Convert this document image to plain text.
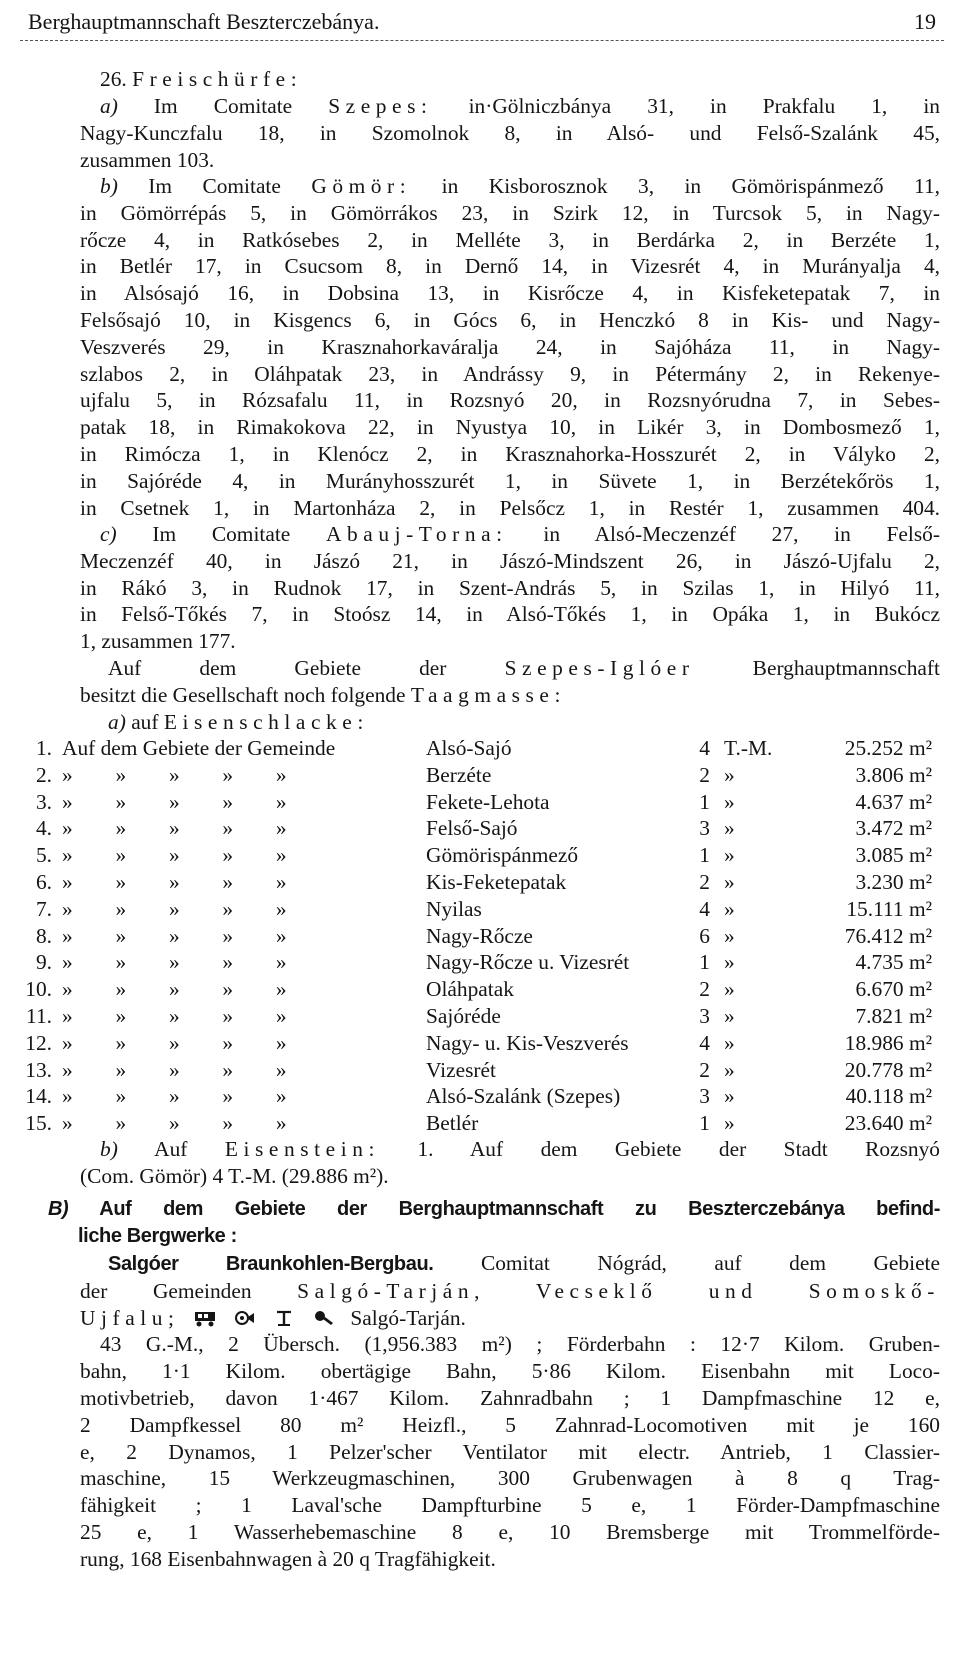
Berghauptmannschaft Beszterczebánya.	19
26. Freischürfe:
a) Im Comitate Szepes: in·Gölniczbánya 31, in Prakfalu 1, in
Nagy-Kunczfalu 18, in Szomolnok 8, in Alsó- und Felső-Szalánk 45,
zusammen 103.
b) Im Comitate Gömör: in Kisborosznok 3, in Gömörispánmező 11,
in Gömörrépás 5, in Gömörrákos 23, in Szirk 12, in Turcsok 5, in Nagy-
rőcze 4, in Ratkósebes 2, in Melléte 3, in Berdárka 2, in Berzéte 1,
in Betlér 17, in Csucsom 8, in Dernő 14, in Vizesrét 4, in Murányalja 4,
in Alsósajó 16, in Dobsina 13, in Kisrőcze 4, in Kisfeketepatak 7, in
Felsősajó 10, in Kisgencs 6, in Gócs 6, in Henczkó 8 in Kis- und Nagy-
Veszverés 29, in Krasznahorkaváralja 24, in Sajóháza 11, in Nagy-
szlabos 2, in Oláhpatak 23, in Andrássy 9, in Pétermány 2, in Rekenye-
ujfalu 5, in Rózsafalu 11, in Rozsnyó 20, in Rozsnyórudna 7, in Sebes-
patak 18, in Rimakokova 22, in Nyustya 10, in Likér 3, in Dombosmező 1,
in Rimócza 1, in Klenócz 2, in Krasznahorka-Hosszurét 2, in Vályko 2,
in Sajóréde 4, in Murányhosszurét 1, in Süvete 1, in Berzétekőrös 1,
in Csetnek 1, in Martonháza 2, in Pelsőcz 1, in Restér 1, zusammen 404.
c) Im Comitate Abauj-Torna: in Alsó-Meczenzéf 27, in Felső-
Meczenzéf 40, in Jászó 21, in Jászó-Mindszent 26, in Jászó-Ujfalu 2,
in Rákó 3, in Rudnok 17, in Szent-András 5, in Szilas 1, in Hilyó 11,
in Felső-Tőkés 7, in Stoósz 14, in Alsó-Tőkés 1, in Opáka 1, in Bukócz
1, zusammen 177.
Auf dem Gebiete der Szepes-Iglóer Berghauptmannschaft
besitzt die Gesellschaft noch folgende Taagmasse:
a) auf Eisenschlacke:
1. Auf dem Gebiete der Gemeinde	Alsó-Sajó	4 T.-M.	25.252 m²
2. »        »        »        »        »	Berzéte	2 »	3.806 m²
3. »        »        »        »        »	Fekete-Lehota	1 »	4.637 m²
4. »        »        »        »        »	Felső-Sajó	3 »	3.472 m²
5. »        »        »        »        »	Gömörispánmező	1 »	3.085 m²
6. »        »        »        »        »	Kis-Feketepatak	2 »	3.230 m²
7. »        »        »        »        »	Nyilas	4 »	15.111 m²
8. »        »        »        »        »	Nagy-Rőcze	6 »	76.412 m²
9. »        »        »        »        »	Nagy-Rőcze u. Vizesrét	1 »	4.735 m²
10. »        »        »        »        »	Oláhpatak	2 »	6.670 m²
11. »        »        »        »        »	Sajóréde	3 »	7.821 m²
12. »        »        »        »        »	Nagy- u. Kis-Veszverés	4 »	18.986 m²
13. »        »        »        »        »	Vizesrét	2 »	20.778 m²
14. »        »        »        »        »	Alsó-Szalánk (Szepes)	3 »	40.118 m²
15. »        »        »        »        »	Betlér	1 »	23.640 m²
b) Auf Eisenstein: 1. Auf dem Gebiete der Stadt Rozsnyó
(Com. Gömör) 4 T.-M. (29.886 m²).
B) Auf dem Gebiete der Berghauptmannschaft zu Beszterczebánya befind-
liche Bergwerke :
Salgóer Braunkohlen-Bergbau. Comitat Nógrád, auf dem Gebiete
der Gemeinden Salgó-Tarján, Vecseklő und Somoskő-
Ujfalu;	Salgó-Tarján.
43 G.-M., 2 Übersch. (1,956.383 m²) ; Förderbahn : 12·7 Kilom. Gruben-
bahn, 1·1 Kilom. obertägige Bahn, 5·86 Kilom. Eisenbahn mit Loco-
motivbetrieb, davon 1·467 Kilom. Zahnradbahn ; 1 Dampfmaschine 12 e,
2 Dampfkessel 80 m² Heizfl., 5 Zahnrad-Locomotiven mit je 160
e, 2 Dynamos, 1 Pelzer'scher Ventilator mit electr. Antrieb, 1 Classier-
maschine, 15 Werkzeugmaschinen, 300 Grubenwagen à 8 q Trag-
fähigkeit ; 1 Laval'sche Dampfturbine 5 e, 1 Förder-Dampfmaschine
25 e, 1 Wasserhebemaschine 8 e, 10 Bremsberge mit Trommelförde-
rung, 168 Eisenbahnwagen à 20 q Tragfähigkeit.
